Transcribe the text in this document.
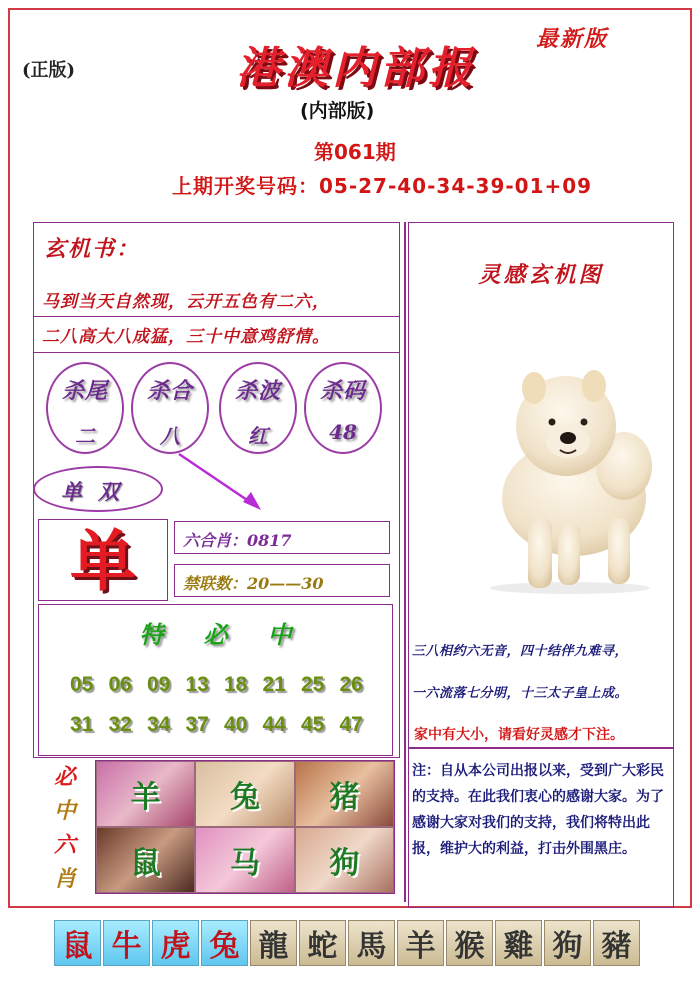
(正版)
最新版
港澳内部报
(内部版)
第061期
上期开奖号码：05-27-40-34-39-01+09
玄机书：
马到当天自然现，云开五色有二六，
二八高大八成猛，三十中意鸡舒情。
杀尾
二
杀合
八
杀波
红
杀码
48
单双
单	六合肖：0817
禁联数：20——30
特必中
05 06 09 13 18 21 25 26
31 32 34 37 40 44 45 47
必
中
六
肖
羊	兔	猪
鼠	马	狗
灵感玄机图
三八相约六无音，四十结伴九难寻，
一六流落七分明，十三太子皇上成。
家中有大小，请看好灵感才下注。
注：自从本公司出报以来，受到广大彩民的支持。在此我们衷心的感谢大家。为了感谢大家对我们的支持，我们将特出此报，维护大的利益，打击外围黑庄。
鼠 牛 虎 兔 龍 蛇 馬 羊 猴 雞 狗 豬
